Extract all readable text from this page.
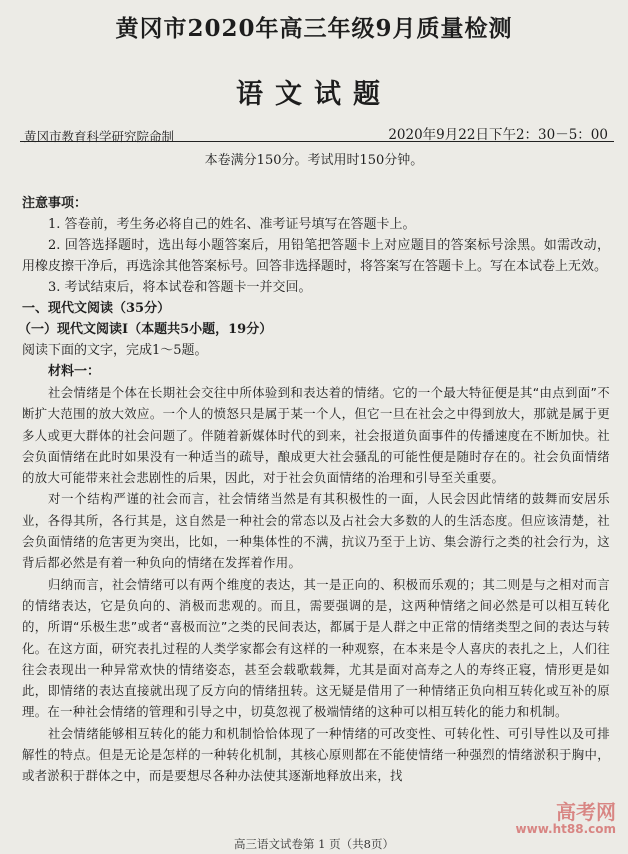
黄冈市2020年高三年级9月质量检测
语文试题
黄冈市教育科学研究院命制	2020年9月22日下午2：30－5：00
本卷满分150分。考试用时150分钟。

注意事项：

1. 答卷前，考生务必将自己的姓名、准考证号填写在答题卡上。

2. 回答选择题时，选出每小题答案后，用铅笔把答题卡上对应题目的答案标号涂黑。如需改动，用橡皮擦干净后，再选涂其他答案标号。回答非选择题时，将答案写在答题卡上。写在本试卷上无效。

3. 考试结束后，将本试卷和答题卡一并交回。

一、现代文阅读（35分）

（一）现代文阅读Ⅰ（本题共5小题，19分）

阅读下面的文字，完成1～5题。

材料一：

社会情绪是个体在长期社会交往中所体验到和表达着的情绪。它的一个最大特征便是其“由点到面”不断扩大范围的放大效应。一个人的愤怒只是属于某一个人，但它一旦在社会之中得到放大，那就是属于更多人或更大群体的社会问题了。伴随着新媒体时代的到来，社会报道负面事件的传播速度在不断加快。社会负面情绪在此时如果没有一种适当的疏导，酿成更大社会骚乱的可能性便是随时存在的。社会负面情绪的放大可能带来社会悲剧性的后果，因此，对于社会负面情绪的治理和引导至关重要。

对一个结构严谨的社会而言，社会情绪当然是有其积极性的一面，人民会因此情绪的鼓舞而安居乐业，各得其所，各行其是，这自然是一种社会的常态以及占社会大多数的人的生活态度。但应该清楚，社会负面情绪的危害更为突出，比如，一种集体性的不满，抗议乃至于上访、集会游行之类的社会行为，这背后都必然是有着一种负向的情绪在发挥着作用。

归纳而言，社会情绪可以有两个维度的表达，其一是正向的、积极而乐观的；其二则是与之相对而言的情绪表达，它是负向的、消极而悲观的。而且，需要强调的是，这两种情绪之间必然是可以相互转化的，所谓“乐极生悲”或者“喜极而泣”之类的民间表达，都属于是人群之中正常的情绪类型之间的表达与转化。在这方面，研究表扎过程的人类学家都会有这样的一种观察，在本来是令人喜庆的表扎之上，人们往往会表现出一种异常欢快的情绪姿态，甚至会载歌载舞，尤其是面对高寿之人的寿终正寝，情形更是如此，即情绪的表达直接就出现了反方向的情绪扭转。这无疑是借用了一种情绪正负向相互转化或互补的原理。在一种社会情绪的管理和引导之中，切莫忽视了极端情绪的这种可以相互转化的能力和机制。

社会情绪能够相互转化的能力和机制恰恰体现了一种情绪的可改变性、可转化性、可引导性以及可排解性的特点。但是无论是怎样的一种转化机制，其核心原则都在不能使情绪一种强烈的情绪淤积于胸中，或者淤积于群体之中，而是要想尽各种办法使其逐渐地释放出来，找

高考网
www.ht88.com
高三语文试卷第 1 页（共8页）
